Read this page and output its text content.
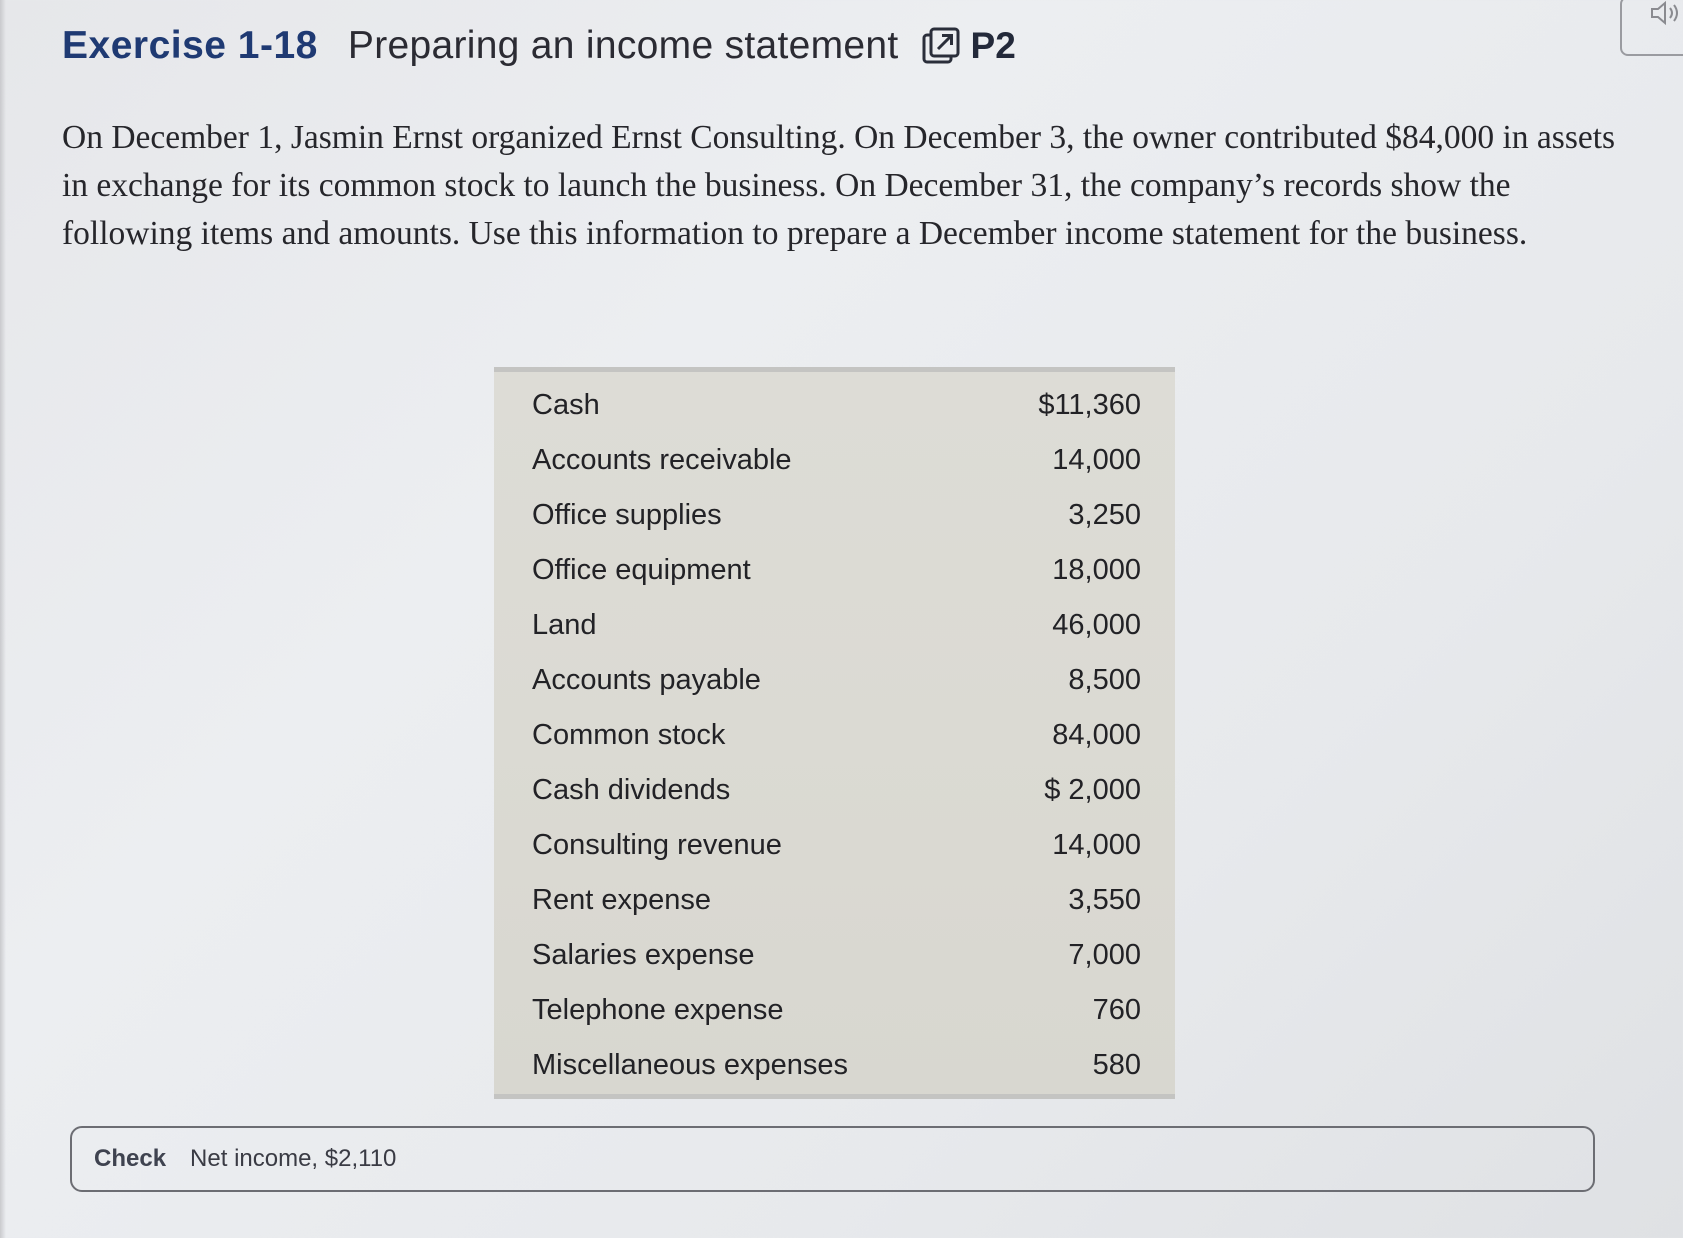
Exercise 1-18 Preparing an income statement P2
On December 1, Jasmin Ernst organized Ernst Consulting. On December 3, the owner contributed $84,000 in assets in exchange for its common stock to launch the business. On December 31, the company’s records show the following items and amounts. Use this information to prepare a December income statement for the business.
Cash	$11,360
Accounts receivable	14,000
Office supplies	3,250
Office equipment	18,000
Land	46,000
Accounts payable	8,500
Common stock	84,000
Cash dividends	$ 2,000
Consulting revenue	14,000
Rent expense	3,550
Salaries expense	7,000
Telephone expense	760
Miscellaneous expenses	580
Check Net income, $2,110
